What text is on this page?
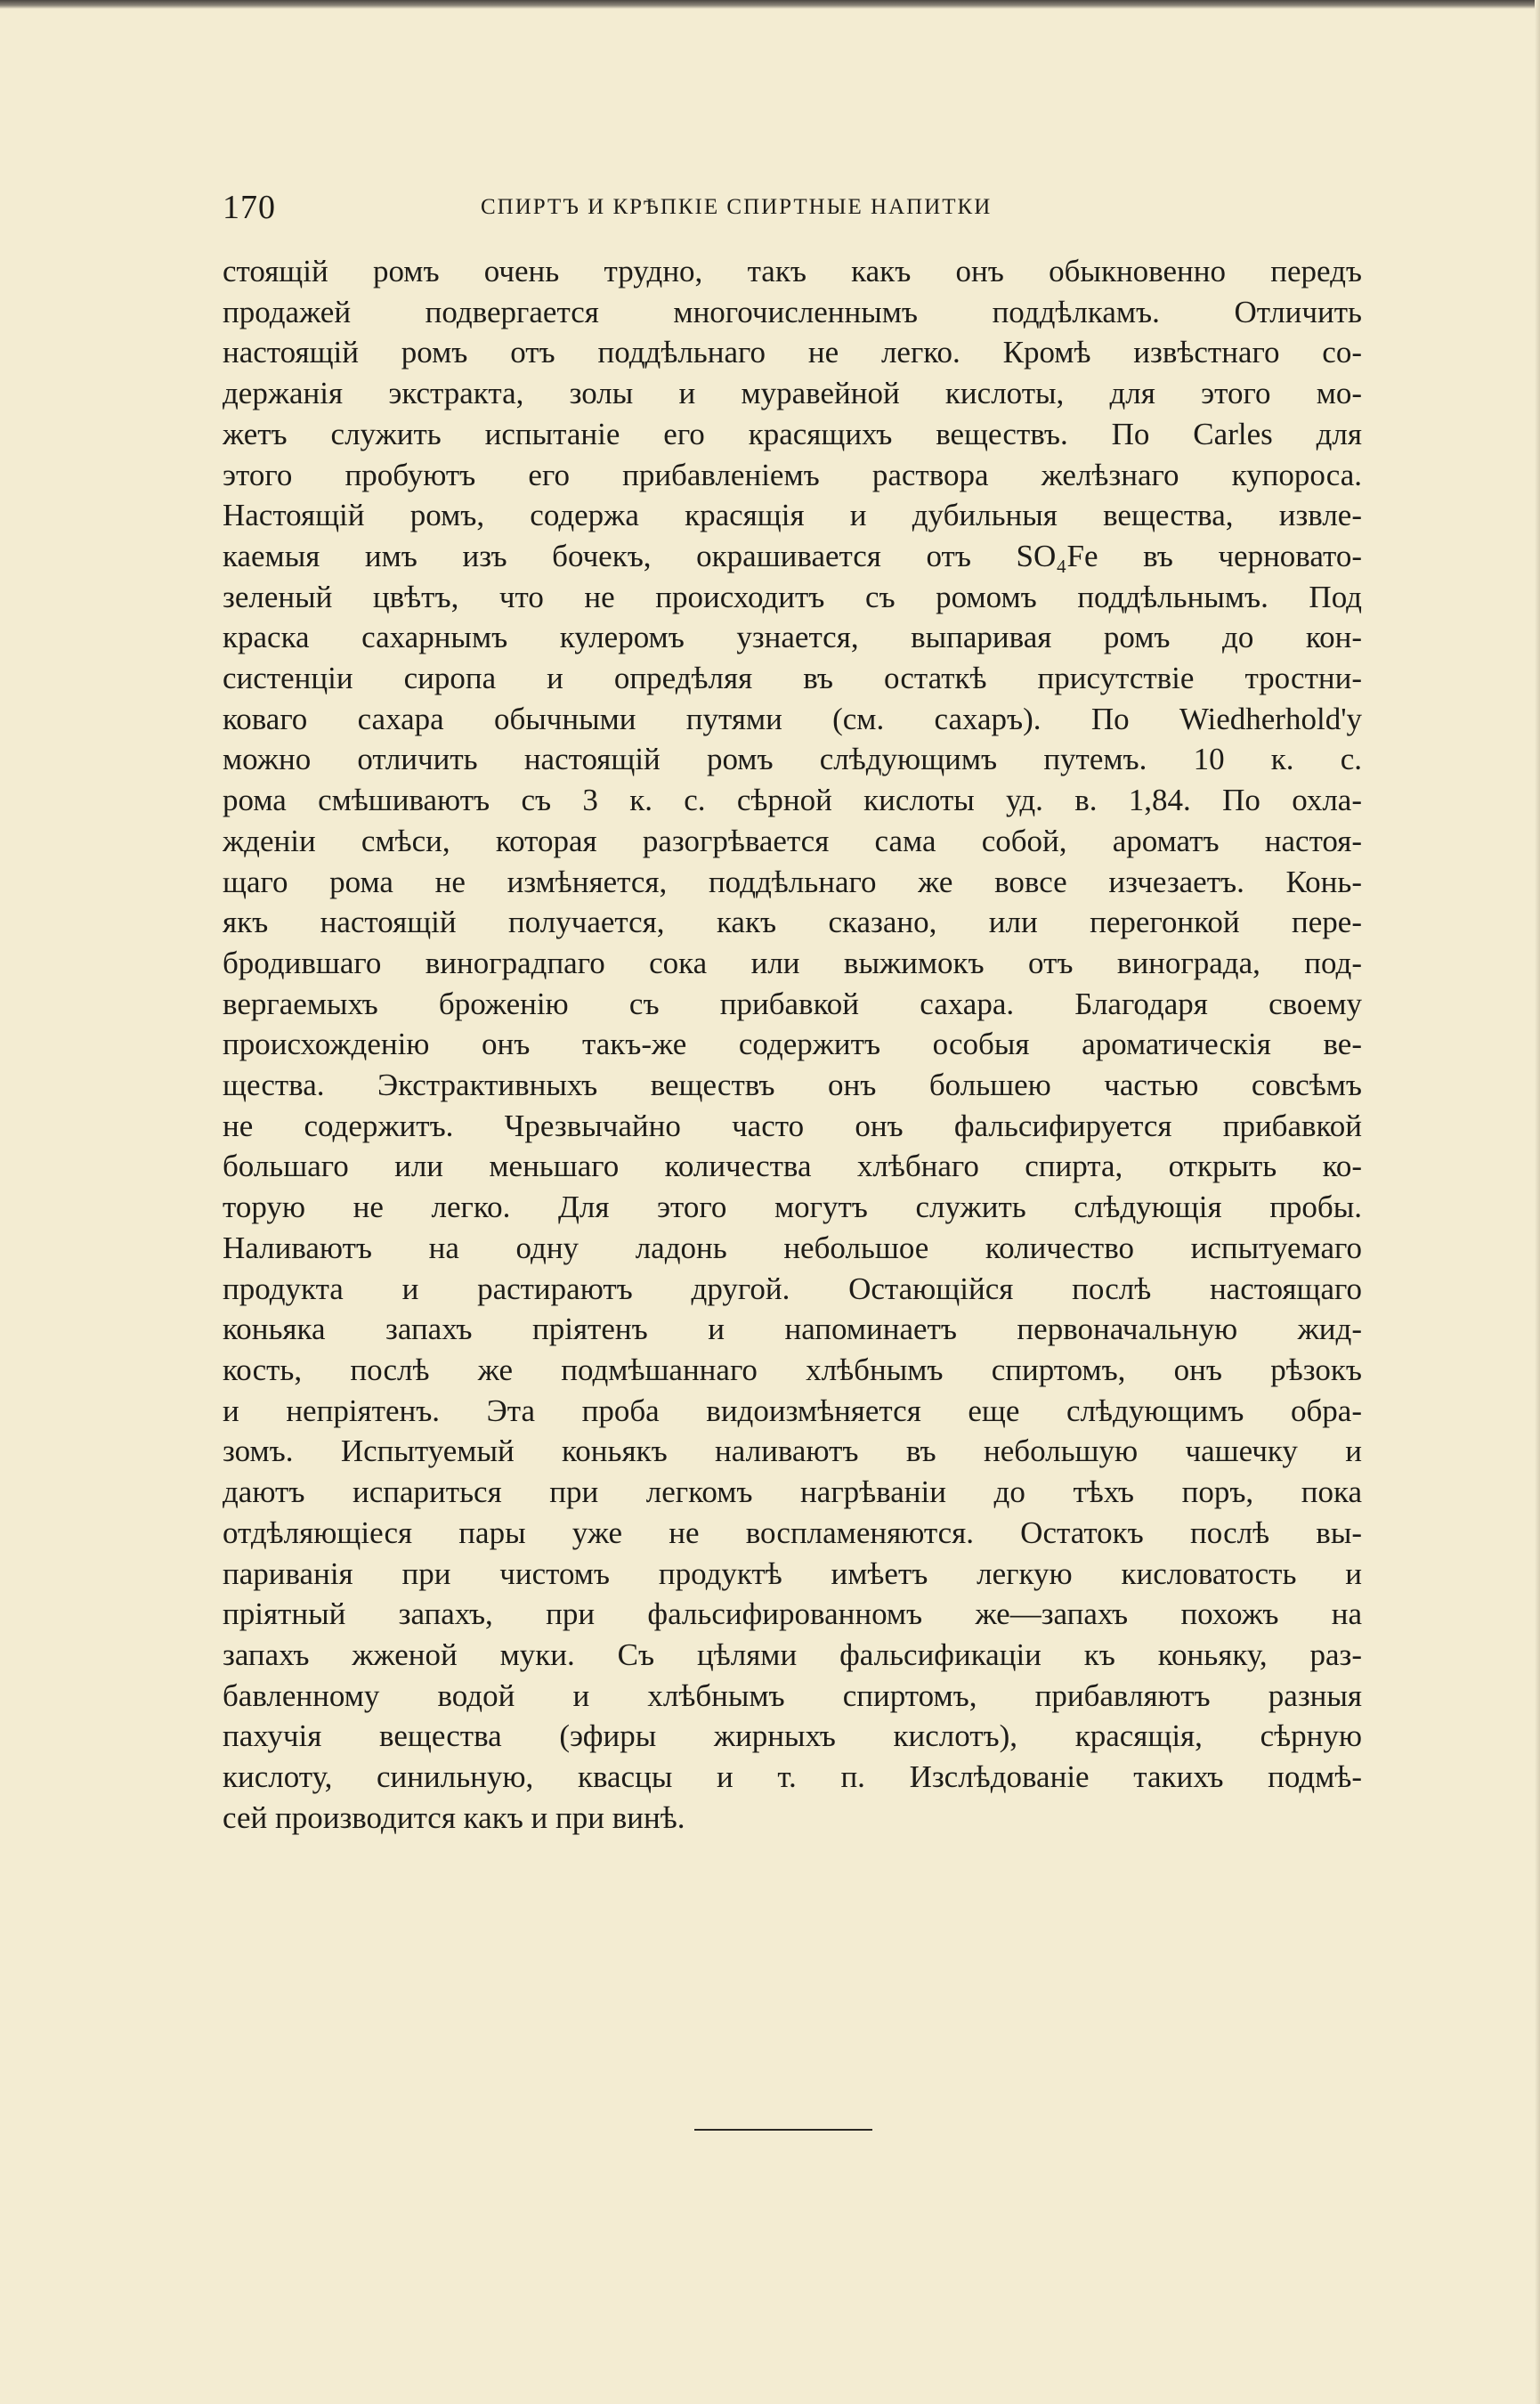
170	СПИРТЪ И КРѢПКIЕ СПИРТНЫЕ НАПИТКИ
стоящій ромъ очень трудно, такъ какъ онъ обыкновенно передъ
продажей подвергается многочисленнымъ поддѣлкамъ. Отличить
настоящій ромъ отъ поддѣльнаго не легко. Кромѣ извѣстнаго со-
держанія экстракта, золы и муравейной кислоты, для этого мо-
жетъ служить испытаніе его красящихъ веществъ. По Carles для
этого пробуютъ его прибавленіемъ раствора желѣзнаго купороса.
Настоящій ромъ, содержа красящія и дубильныя вещества, извле-
каемыя имъ изъ бочекъ, окрашивается отъ SO₄Fe въ черновато-
зеленый цвѣтъ, что не происходитъ съ ромомъ поддѣльнымъ. Под
краска сахарнымъ кулеромъ узнается, выпаривая ромъ до кон-
систенціи сиропа и опредѣляя въ остаткѣ присутствіе тростни-
коваго сахара обычными путями (см. сахаръ). По Wiedherhold'у
можно отличить настоящій ромъ слѣдующимъ путемъ. 10 к. с.
рома смѣшиваютъ съ 3 к. с. сѣрной кислоты уд. в. 1,84. По охла-
жденіи смѣси, которая разогрѣвается сама собой, ароматъ настоя-
щаго рома не измѣняется, поддѣльнаго же вовсе изчезаетъ. Конь-
якъ настоящій получается, какъ сказано, или перегонкой пере-
бродившаго виноградпаго сока или выжимокъ отъ винограда, под-
вергаемыхъ броженію съ прибавкой сахара. Благодаря своему
происхожденію онъ такъ-же содержитъ особыя ароматическія ве-
щества. Экстрактивныхъ веществъ онъ большею частью совсѣмъ
не содержитъ. Чрезвычайно часто онъ фальсифируется прибавкой
большаго или меньшаго количества хлѣбнаго спирта, открыть ко-
торую не легко. Для этого могутъ служить слѣдующія пробы.
Наливаютъ на одну ладонь небольшое количество испытуемаго
продукта и растираютъ другой. Остающійся послѣ настоящаго
коньяка запахъ пріятенъ и напоминаетъ первоначальную жид-
кость, послѣ же подмѣшаннаго хлѣбнымъ спиртомъ, онъ рѣзокъ
и непріятенъ. Эта проба видоизмѣняется еще слѣдующимъ обра-
зомъ. Испытуемый коньякъ наливаютъ въ небольшую чашечку и
даютъ испариться при легкомъ нагрѣваніи до тѣхъ поръ, пока
отдѣляющіеся пары уже не воспламеняются. Остатокъ послѣ вы-
париванія при чистомъ продуктѣ имѣетъ легкую кисловатость и
пріятный запахъ, при фальсифированномъ же—запахъ похожъ на
запахъ жженой муки. Съ цѣлями фальсификаціи къ коньяку, раз-
бавленному водой и хлѣбнымъ спиртомъ, прибавляютъ разныя
пахучія вещества (эфиры жирныхъ кислотъ), красящія, сѣрную
кислоту, синильную, квасцы и т. п. Изслѣдованіе такихъ подмѣ-
сей производится какъ и при винѣ.
